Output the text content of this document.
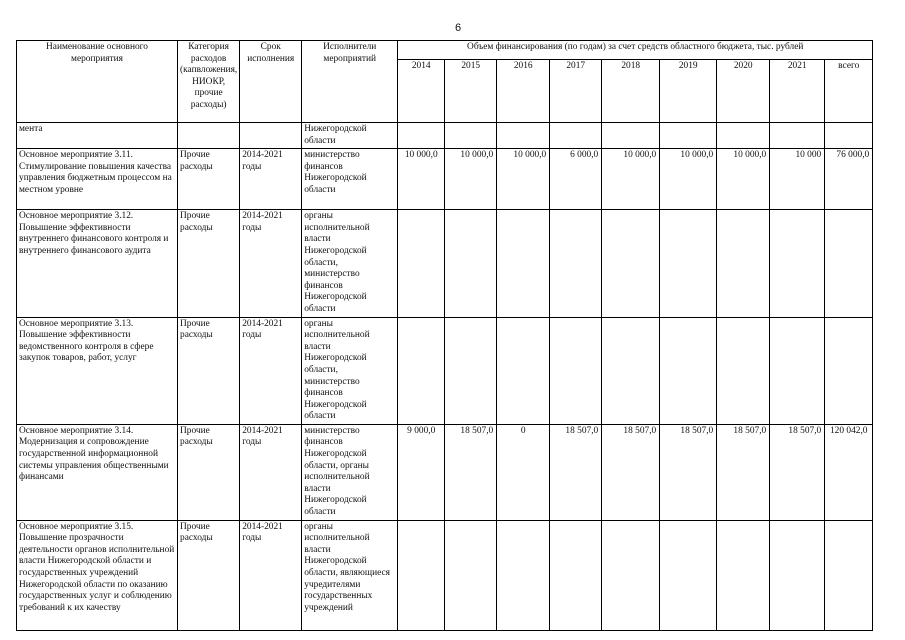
6
Наименование основного мероприятия	Категория расходов (капвложения, НИОКР, прочие расходы)	Срок исполнения	Исполнители мероприятий	Объем финансирования (по годам) за счет средств областного бюджета, тыс. рублей								
				2014	2015	2016	2017	2018	2019	2020	2021	всего
мента			Нижегородской области									
Основное мероприятие 3.11. Стимулирование повышения качества управления бюджетным процессом на местном уровне	Прочие расходы	2014-2021 годы	министерство финансов Нижегородской области	10 000,0	10 000,0	10 000,0	6 000,0	10 000,0	10 000,0	10 000,0	10 000	76 000,0
Основное мероприятие 3.12. Повышение эффективности внутреннего финансового контроля и внутреннего финансового аудита	Прочие расходы	2014-2021 годы	органы исполнительной власти Нижегородской области, министерство финансов Нижегородской области									
Основное мероприятие 3.13. Повышение эффективности ведомственного контроля в сфере закупок товаров, работ, услуг	Прочие расходы	2014-2021 годы	органы исполнительной власти Нижегородской области, министерство финансов Нижегородской области									
Основное мероприятие 3.14. Модернизация и сопровождение государственной информационной системы управления общественными финансами	Прочие расходы	2014-2021 годы	министерство финансов Нижегородской области, органы исполнительной власти Нижегородской области	9 000,0	18 507,0	0	18 507,0	18 507,0	18 507,0	18 507,0	18 507,0	120 042,0
Основное мероприятие 3.15. Повышение прозрачности деятельности органов исполнительной власти Нижегородской области и государственных учреждений Нижегородской области по оказанию государственных услуг и соблюдению требований к их качеству	Прочие расходы	2014-2021 годы	органы исполнительной власти Нижегородской области, являющиеся учредителями государственных учреждений									
